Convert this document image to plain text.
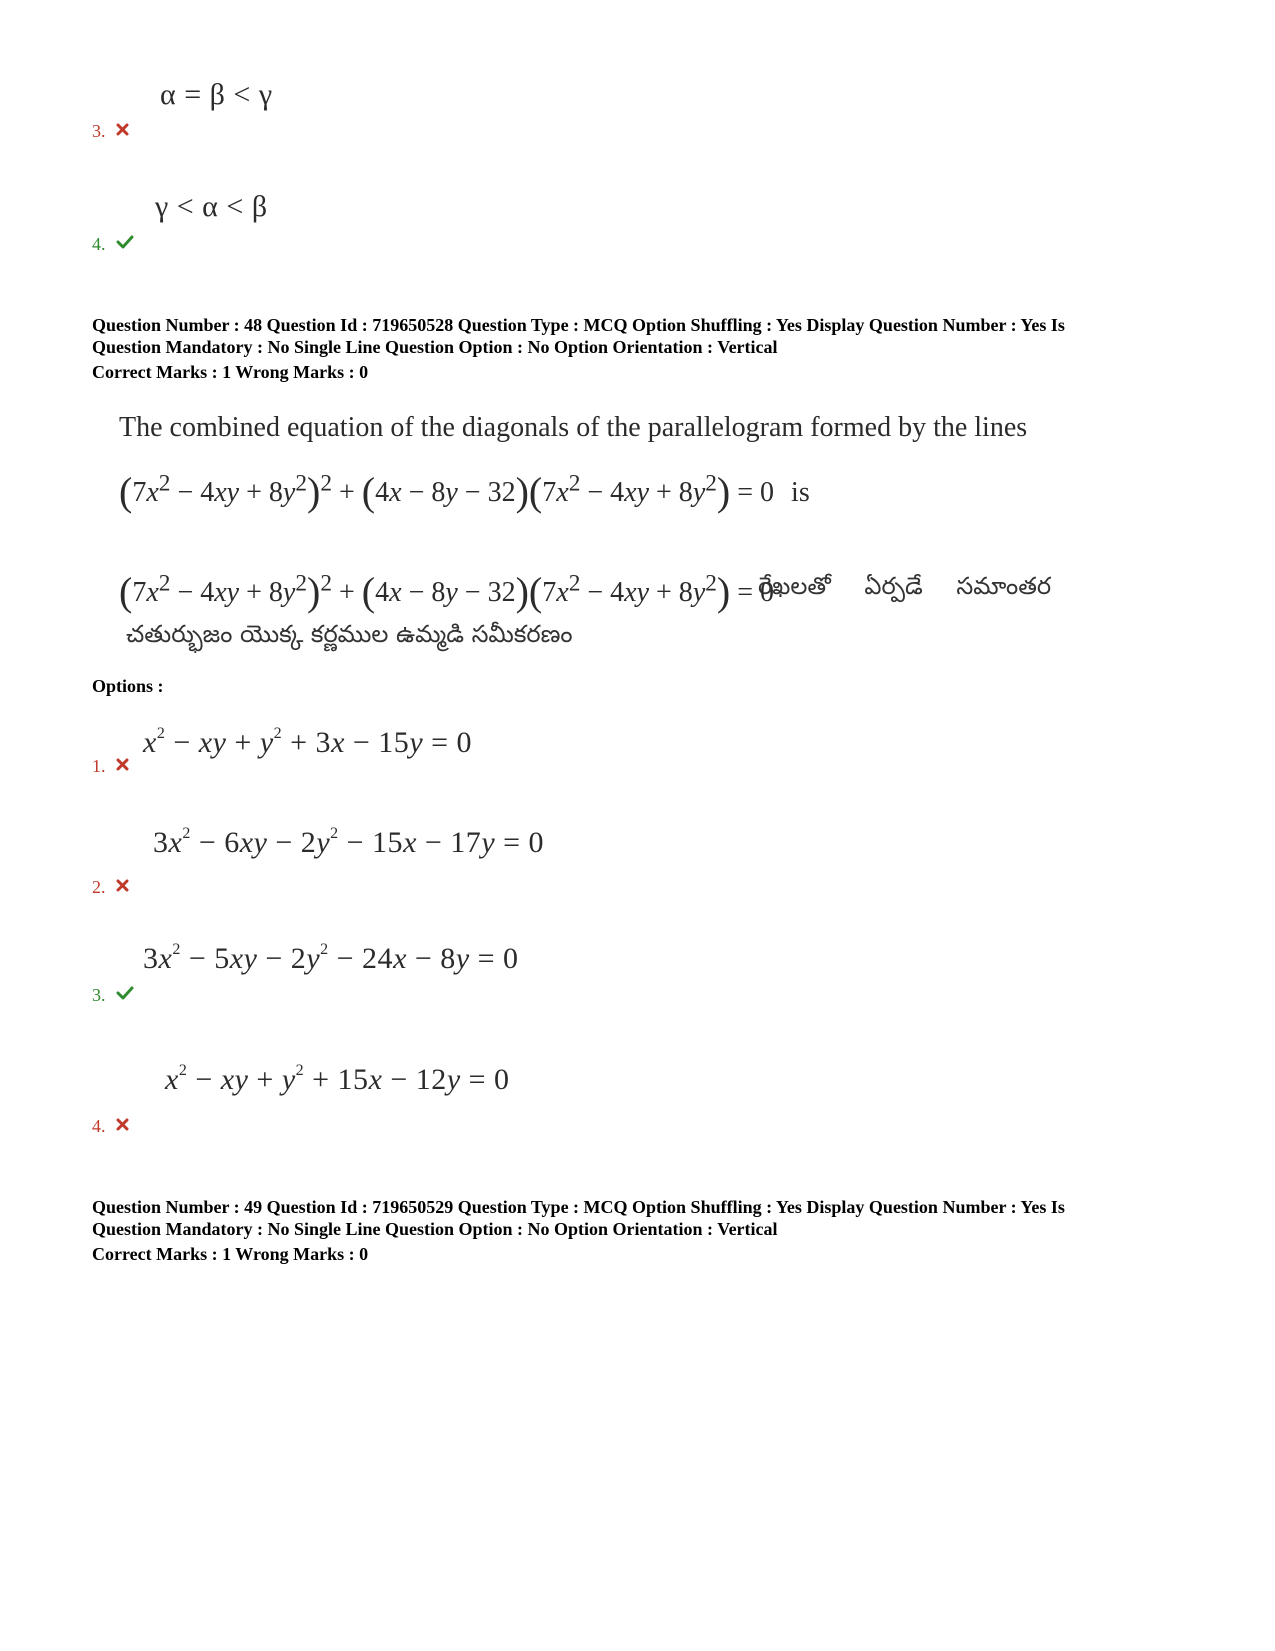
α = β < γ
3.
γ < α < β
4.
Question Number : 48 Question Id : 719650528 Question Type : MCQ Option Shuffling : Yes Display Question Number : Yes Is
Question Mandatory : No Single Line Question Option : No Option Orientation : Vertical
Correct Marks : 1 Wrong Marks : 0
The combined equation of the diagonals of the parallelogram formed by the lines
$(7x^2 - 4xy + 8y^2)^2 + (4x - 8y - 32)(7x^2 - 4xy + 8y^2) = 0$ is
$(7x^2 - 4xy + 8y^2)^2 + (4x - 8y - 32)(7x^2 - 4xy + 8y^2) = 0$
రేఖలతో ఏర్పడే సమాంతర
చతుర్భుజం యొక్క కర్ణముల ఉమ్మడి సమీకరణం
Options :
$x^2$ − xy + $y^2 + 3x - 15y = 0$
1.
$3x^2 - 6xy - 2y^2 - 15x - 17y = 0$
2.
$3x^2 - 5xy - 2y^2 - 24x - 8y = 0$
3.
$x^2$ − xy + $y^2 + 15x - 12y = 0$
4.
Question Number : 49 Question Id : 719650529 Question Type : MCQ Option Shuffling : Yes Display Question Number : Yes Is
Question Mandatory : No Single Line Question Option : No Option Orientation : Vertical
Correct Marks : 1 Wrong Marks : 0
